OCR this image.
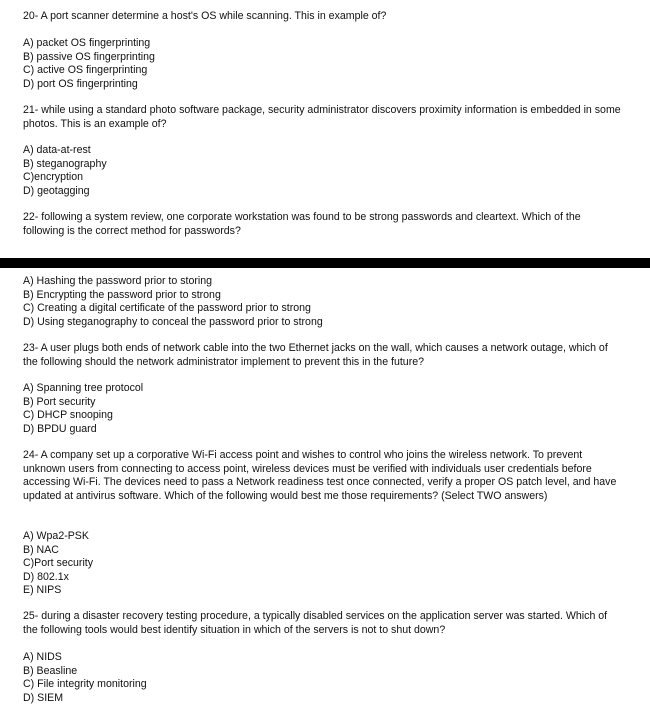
20- A port scanner determine a host's OS while scanning. This in example of?

A) packet OS fingerprinting
B) passive OS fingerprinting
C) active OS fingerprinting
D) port OS fingerprinting

21- while using a standard photo software package, security administrator discovers proximity information is embedded in some photos. This is an example of?

A) data-at-rest
B) steganography
C)encryption
D) geotagging

22- following a system review, one corporate workstation was found to be strong passwords and cleartext. Which of the following is the correct method for passwords?

A) Hashing the password prior to storing
B) Encrypting the password prior to strong
C) Creating a digital certificate of the password prior to strong
D) Using steganography to conceal the password prior to strong

23- A user plugs both ends of network cable into the two Ethernet jacks on the wall, which causes a network outage, which of the following should the network administrator implement to prevent this in the future?

A) Spanning tree protocol
B) Port security
C) DHCP snooping
D) BPDU guard

24- A company set up a corporative Wi-Fi access point and wishes to control who joins the wireless network. To prevent unknown users from connecting to access point, wireless devices must be verified with individuals user credentials before accessing Wi-Fi. The devices need to pass a Network readiness test once connected, verify a proper OS patch level, and have updated at antivirus software. Which of the following would best me those requirements? (Select TWO answers)

A) Wpa2-PSK
B) NAC
C)Port security
D) 802.1x
E) NIPS

25- during a disaster recovery testing procedure, a typically disabled services on the application server was started. Which of the following tools would best identify situation in which of the servers is not to shut down?

A) NIDS
B) Beasline
C) File integrity monitoring
D) SIEM
